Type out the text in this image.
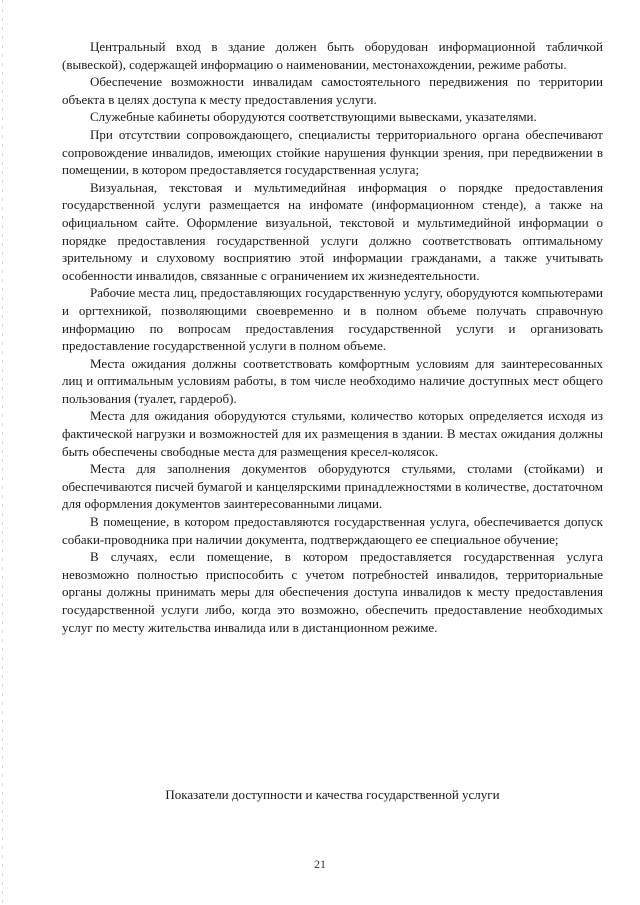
Центральный вход в здание должен быть оборудован информационной табличкой (вывеской), содержащей информацию о наименовании, местонахождении, режиме работы.

Обеспечение возможности инвалидам самостоятельного передвижения по территории объекта в целях доступа к месту предоставления услуги.

Служебные кабинеты оборудуются соответствующими вывесками, указателями.

При отсутствии сопровождающего, специалисты территориального органа обеспечивают сопровождение инвалидов, имеющих стойкие нарушения функции зрения, при передвижении в помещении, в котором предоставляется государственная услуга;

Визуальная, текстовая и мультимедийная информация о порядке предоставления государственной услуги размещается на инфомате (информационном стенде), а также на официальном сайте. Оформление визуальной, текстовой и мультимедийной информации о порядке предоставления государственной услуги должно соответствовать оптимальному зрительному и слуховому восприятию этой информации гражданами, а также учитывать особенности инвалидов, связанные с ограничением их жизнедеятельности.

Рабочие места лиц, предоставляющих государственную услугу, оборудуются компьютерами и оргтехникой, позволяющими своевременно и в полном объеме получать справочную информацию по вопросам предоставления государственной услуги и организовать предоставление государственной услуги в полном объеме.

Места ожидания должны соответствовать комфортным условиям для заинтересованных лиц и оптимальным условиям работы, в том числе необходимо наличие доступных мест общего пользования (туалет, гардероб).

Места для ожидания оборудуются стульями, количество которых определяется исходя из фактической нагрузки и возможностей для их размещения в здании. В местах ожидания должны быть обеспечены свободные места для размещения кресел-колясок.

Места для заполнения документов оборудуются стульями, столами (стойками) и обеспечиваются писчей бумагой и канцелярскими принадлежностями в количестве, достаточном для оформления документов заинтересованными лицами.

В помещение, в котором предоставляются государственная услуга, обеспечивается допуск собаки-проводника при наличии документа, подтверждающего ее специальное обучение;

В случаях, если помещение, в котором предоставляется государственная услуга невозможно полностью приспособить с учетом потребностей инвалидов, территориальные органы должны принимать меры для обеспечения доступа инвалидов к месту предоставления государственной услуги либо, когда это возможно, обеспечить предоставление необходимых услуг по месту жительства инвалида или в дистанционном режиме.

Показатели доступности и качества государственной услуги
21
